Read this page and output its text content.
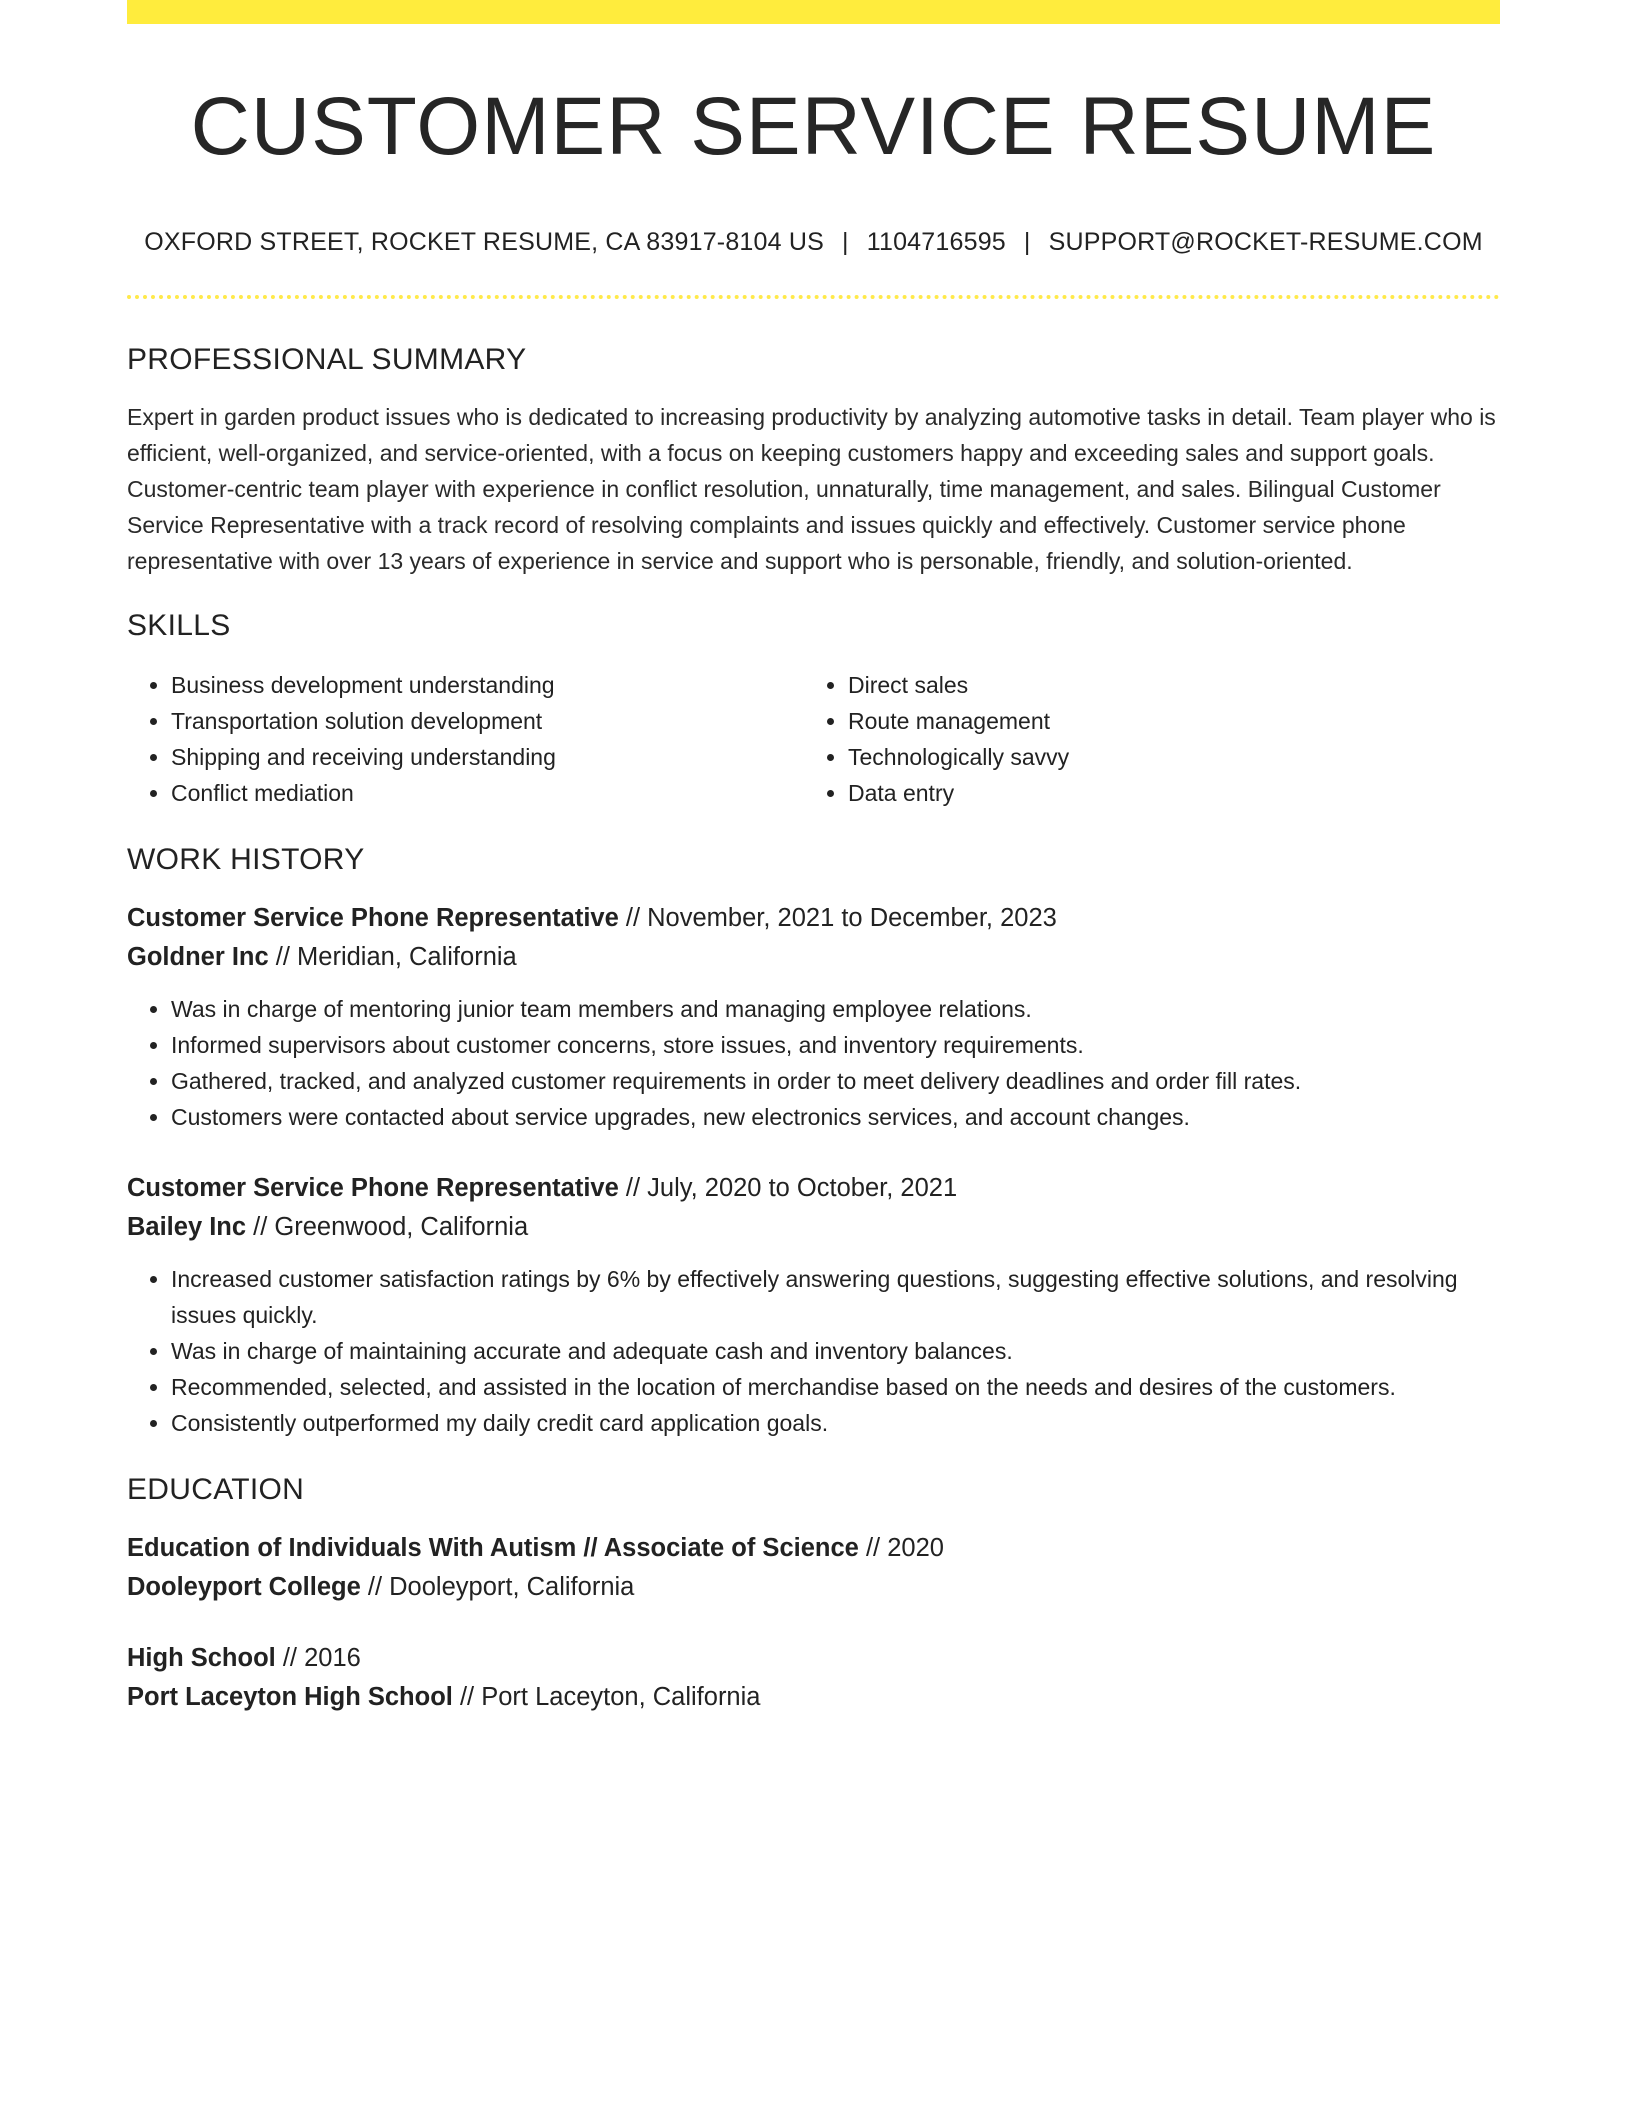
CUSTOMER SERVICE RESUME
OXFORD STREET, ROCKET RESUME, CA 83917-8104 US | 1104716595 | SUPPORT@ROCKET-RESUME.COM
PROFESSIONAL SUMMARY

Expert in garden product issues who is dedicated to increasing productivity by analyzing automotive tasks in detail. Team player who is efficient, well-organized, and service-oriented, with a focus on keeping customers happy and exceeding sales and support goals. Customer-centric team player with experience in conflict resolution, unnaturally, time management, and sales. Bilingual Customer Service Representative with a track record of resolving complaints and issues quickly and effectively. Customer service phone representative with over 13 years of experience in service and support who is personable, friendly, and solution-oriented.

SKILLS
• Business development understanding
• Transportation solution development
• Shipping and receiving understanding
• Conflict mediation
• Direct sales
• Route management
• Technologically savvy
• Data entry
WORK HISTORY
Customer Service Phone Representative // November, 2021 to December, 2023
Goldner Inc // Meridian, California
• Was in charge of mentoring junior team members and managing employee relations.
• Informed supervisors about customer concerns, store issues, and inventory requirements.
• Gathered, tracked, and analyzed customer requirements in order to meet delivery deadlines and order fill rates.
• Customers were contacted about service upgrades, new electronics services, and account changes.
Customer Service Phone Representative // July, 2020 to October, 2021
Bailey Inc // Greenwood, California
• Increased customer satisfaction ratings by 6% by effectively answering questions, suggesting effective solutions, and resolving issues quickly.
• Was in charge of maintaining accurate and adequate cash and inventory balances.
• Recommended, selected, and assisted in the location of merchandise based on the needs and desires of the customers.
• Consistently outperformed my daily credit card application goals.
EDUCATION
Education of Individuals With Autism // Associate of Science // 2020
Dooleyport College // Dooleyport, California
High School // 2016
Port Laceyton High School // Port Laceyton, California
